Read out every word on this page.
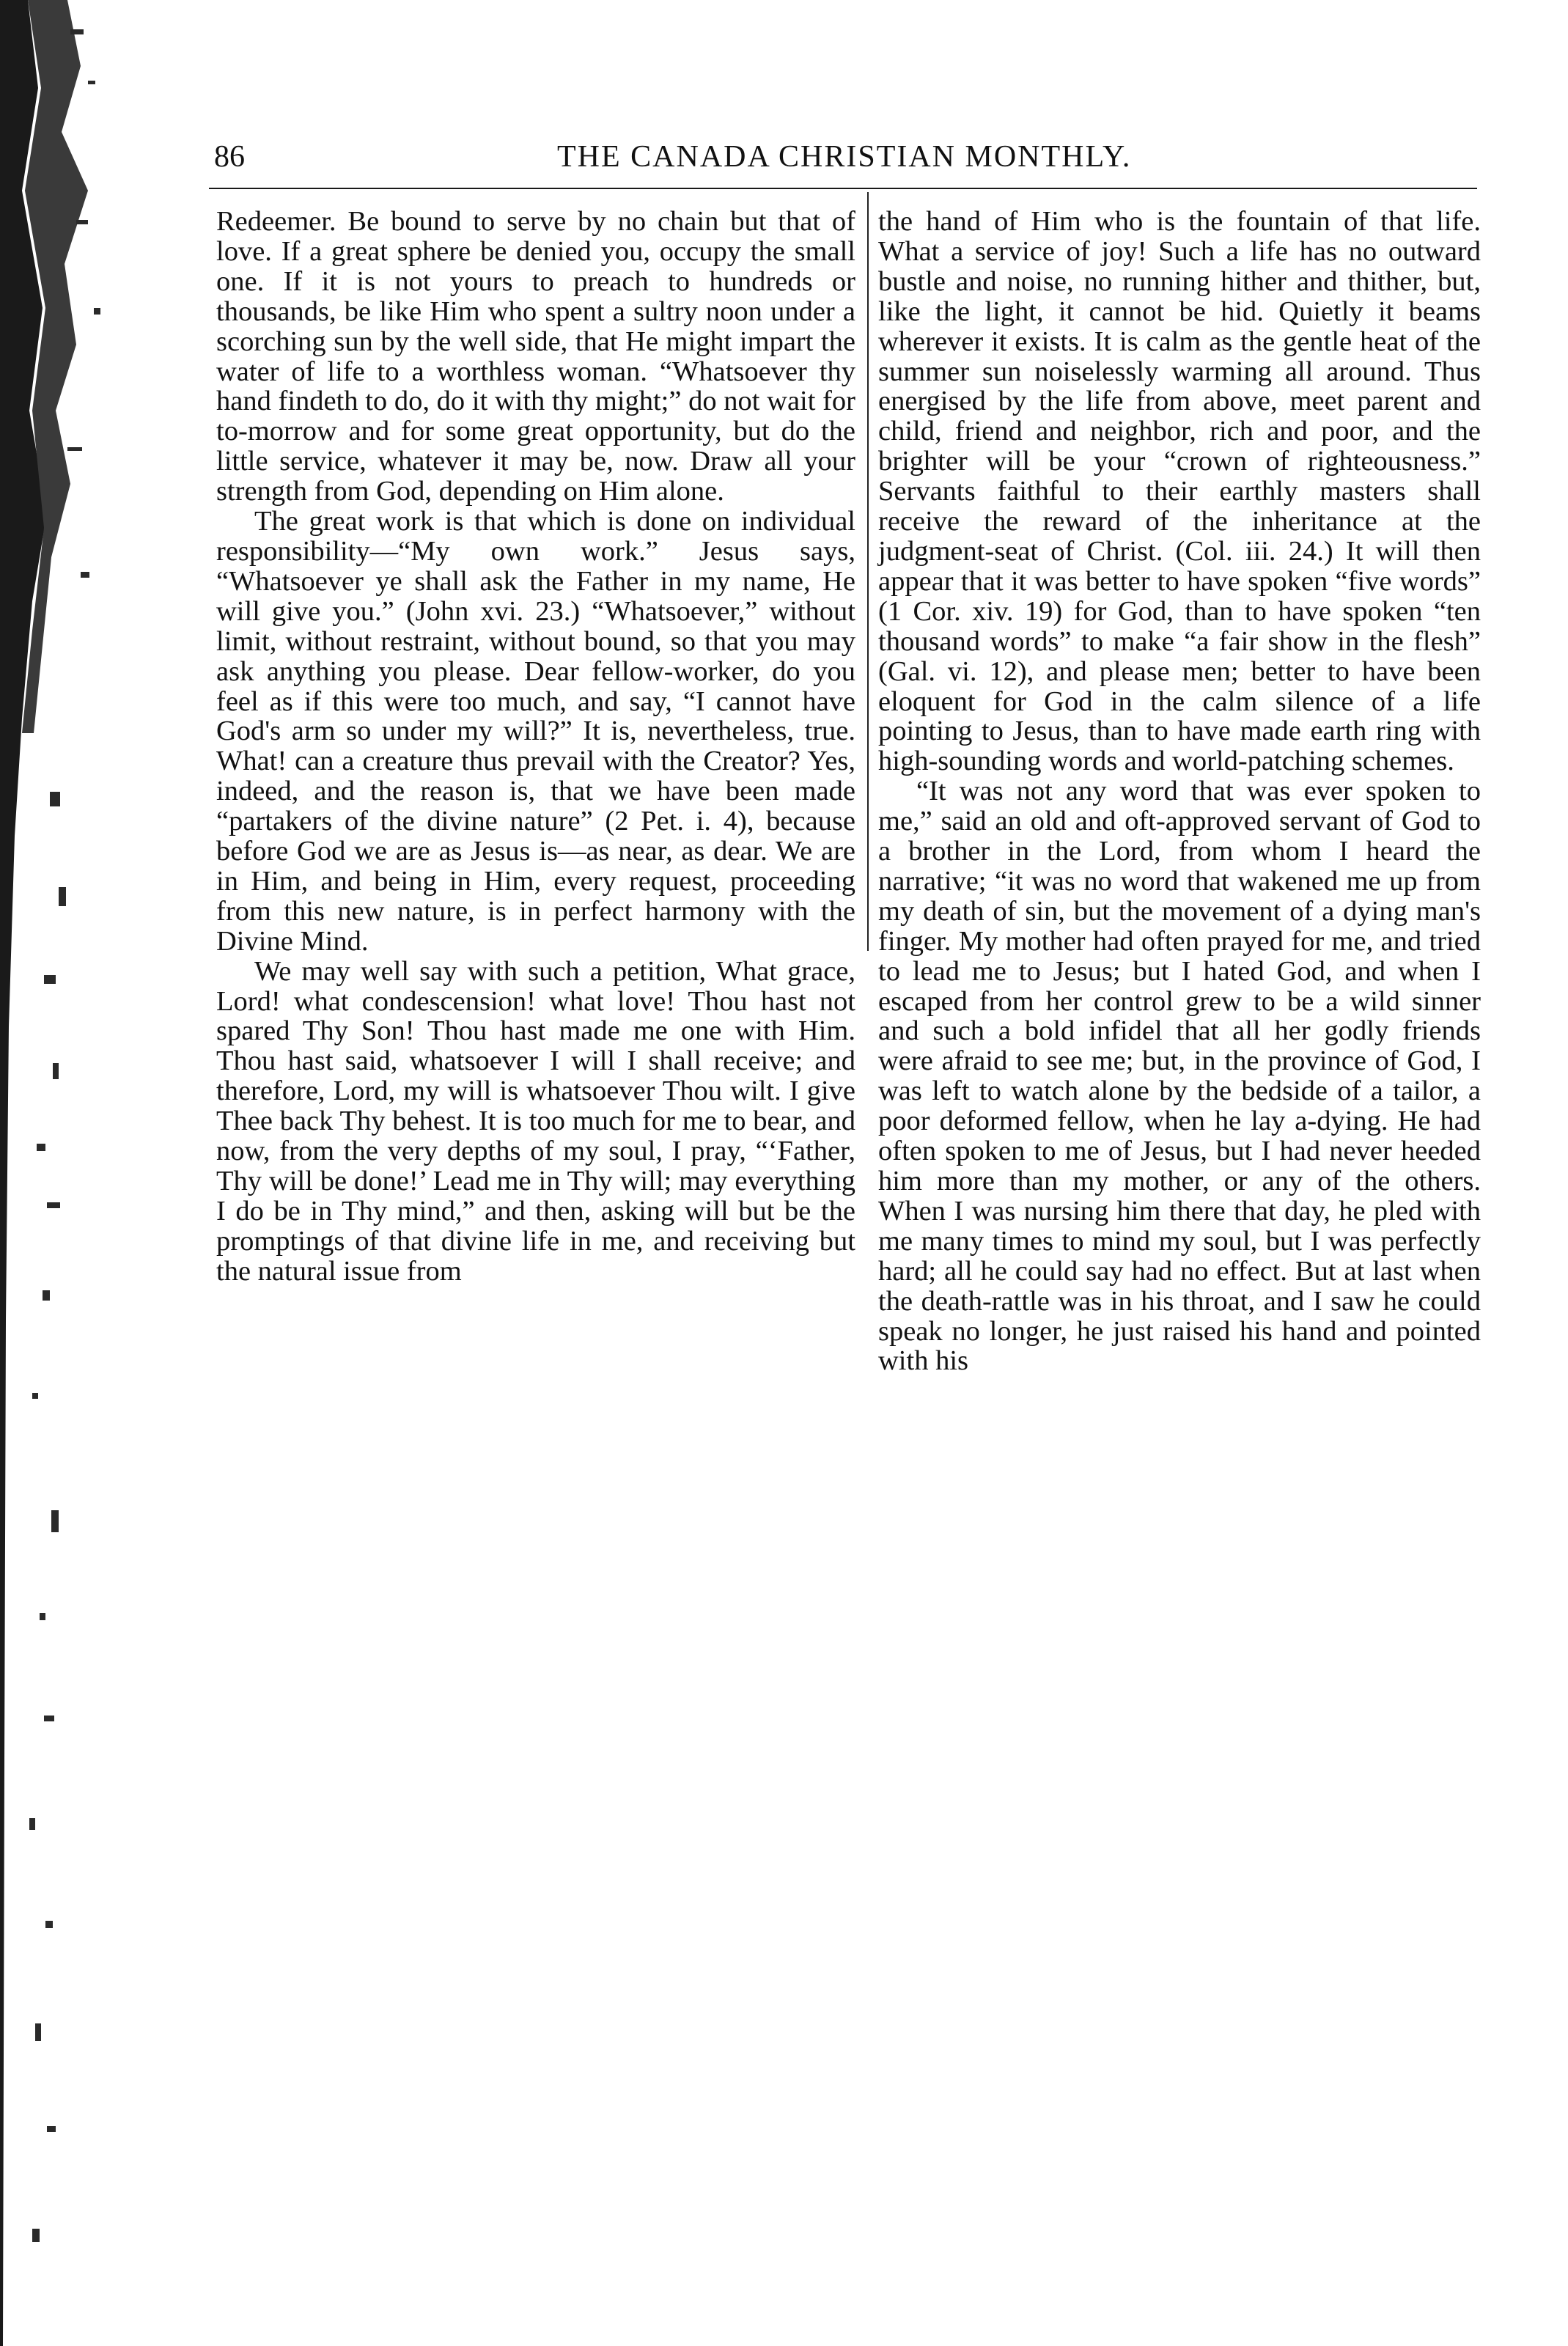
86	THE CANADA CHRISTIAN MONTHLY.

Redeemer. Be bound to serve by no chain but that of love. If a great sphere be denied you, occupy the small one. If it is not yours to preach to hundreds or thousands, be like Him who spent a sultry noon under a scorching sun by the well side, that He might impart the water of life to a worthless woman. “Whatsoever thy hand findeth to do, do it with thy might;” do not wait for to-morrow and for some great opportunity, but do the little service, whatever it may be, now. Draw all your strength from God, depending on Him alone.

The great work is that which is done on individual responsibility—“My own work.” Jesus says, “Whatsoever ye shall ask the Father in my name, He will give you.” (John xvi. 23.) “Whatsoever,” without limit, without restraint, without bound, so that you may ask anything you please. Dear fellow-worker, do you feel as if this were too much, and say, “I cannot have God's arm so under my will?” It is, nevertheless, true. What! can a creature thus prevail with the Creator? Yes, indeed, and the reason is, that we have been made “partakers of the divine nature” (2 Pet. i. 4), because before God we are as Jesus is—as near, as dear. We are in Him, and being in Him, every request, proceeding from this new nature, is in perfect harmony with the Divine Mind.

We may well say with such a petition, What grace, Lord! what condescension! what love! Thou hast not spared Thy Son! Thou hast made me one with Him. Thou hast said, whatsoever I will I shall receive; and therefore, Lord, my will is whatsoever Thou wilt. I give Thee back Thy behest. It is too much for me to bear, and now, from the very depths of my soul, I pray, “‘Father, Thy will be done!’ Lead me in Thy will; may everything I do be in Thy mind,” and then, asking will but be the promptings of that divine life in me, and receiving but the natural issue from

the hand of Him who is the fountain of that life. What a service of joy! Such a life has no outward bustle and noise, no running hither and thither, but, like the light, it cannot be hid. Quietly it beams wherever it exists. It is calm as the gentle heat of the summer sun noiselessly warming all around. Thus energised by the life from above, meet parent and child, friend and neighbor, rich and poor, and the brighter will be your “crown of righteousness.” Servants faithful to their earthly masters shall receive the reward of the inheritance at the judgment-seat of Christ. (Col. iii. 24.) It will then appear that it was better to have spoken “five words” (1 Cor. xiv. 19) for God, than to have spoken “ten thousand words” to make “a fair show in the flesh” (Gal. vi. 12), and please men; better to have been eloquent for God in the calm silence of a life pointing to Jesus, than to have made earth ring with high-sounding words and world-patching schemes.

“It was not any word that was ever spoken to me,” said an old and oft-approved servant of God to a brother in the Lord, from whom I heard the narrative; “it was no word that wakened me up from my death of sin, but the movement of a dying man's finger. My mother had often prayed for me, and tried to lead me to Jesus; but I hated God, and when I escaped from her control grew to be a wild sinner and such a bold infidel that all her godly friends were afraid to see me; but, in the province of God, I was left to watch alone by the bedside of a tailor, a poor deformed fellow, when he lay a-dying. He had often spoken to me of Jesus, but I had never heeded him more than my mother, or any of the others. When I was nursing him there that day, he pled with me many times to mind my soul, but I was perfectly hard; all he could say had no effect. But at last when the death-rattle was in his throat, and I saw he could speak no longer, he just raised his hand and pointed with his
